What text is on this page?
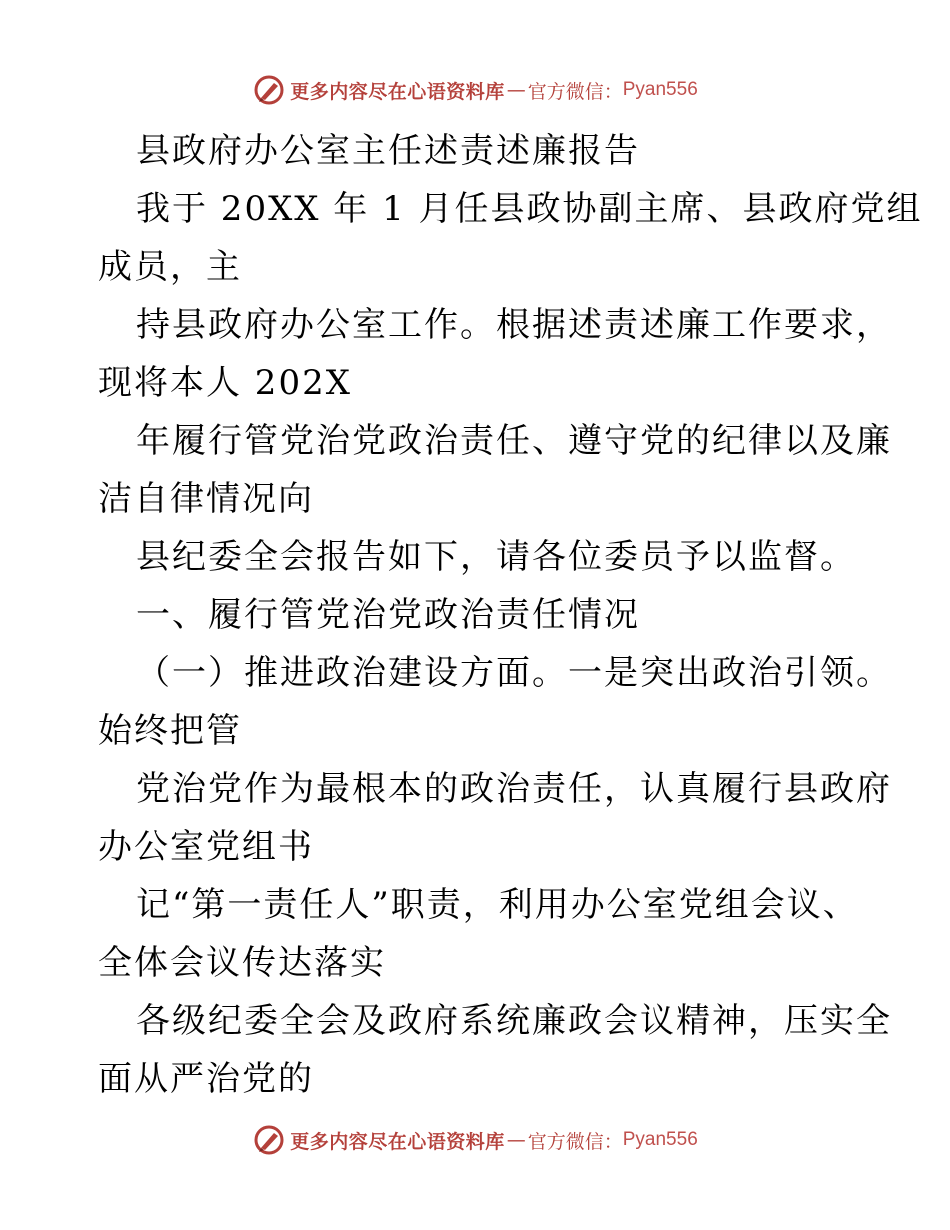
更多内容尽在心语资料库 — 官方微信： Pyan556
县政府办公室主任述责述廉报告
我于 20XX 年 1 月任县政协副主席、县政府党组
成员，主
持县政府办公室工作。根据述责述廉工作要求，
现将本人 202X
年履行管党治党政治责任、遵守党的纪律以及廉
洁自律情况向
县纪委全会报告如下，请各位委员予以监督。
一、履行管党治党政治责任情况
（一）推进政治建设方面。一是突出政治引领。
始终把管
党治党作为最根本的政治责任，认真履行县政府
办公室党组书
记“第一责任人”职责，利用办公室党组会议、
全体会议传达落实
各级纪委全会及政府系统廉政会议精神，压实全
面从严治党的
更多内容尽在心语资料库 — 官方微信： Pyan556
